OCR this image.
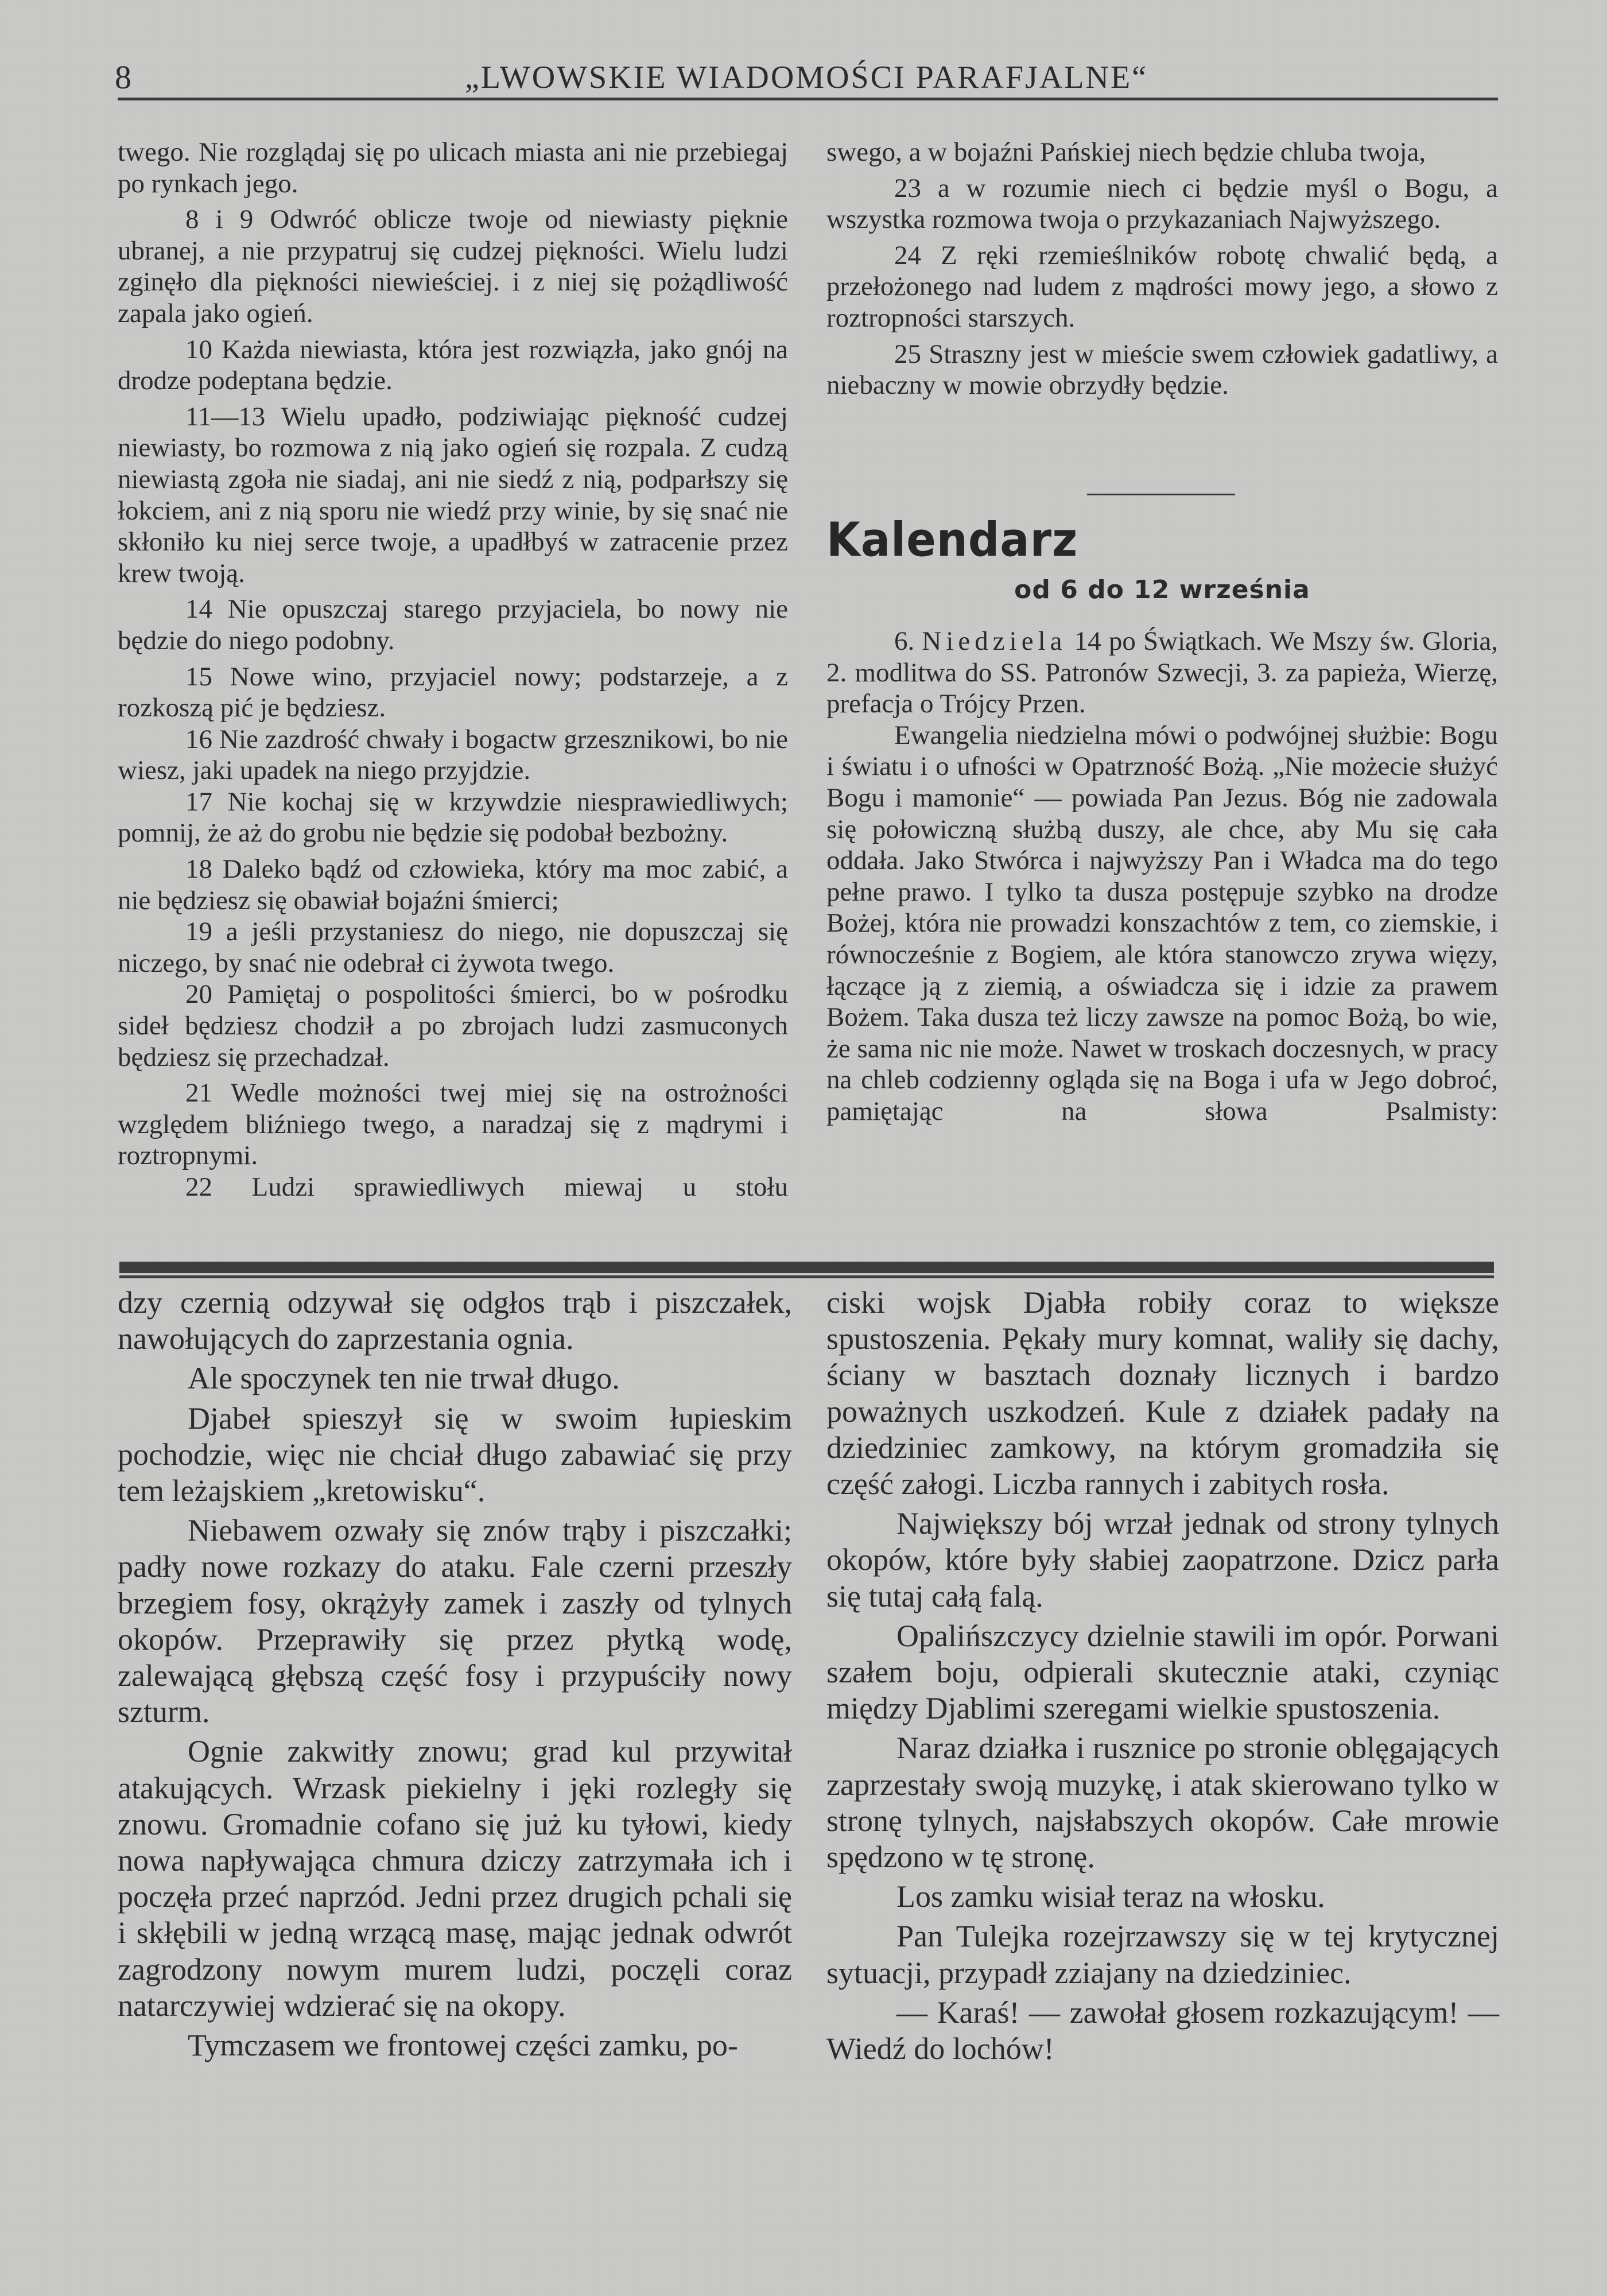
8	„LWOWSKIE WIADOMOŚCI PARAFJALNE“

twego. Nie rozglądaj się po ulicach miasta ani nie przebiegaj po rynkach jego.

8 i 9 Odwróć oblicze twoje od niewiasty pięknie ubranej, a nie przypatruj się cudzej piękności. Wielu ludzi zginęło dla piękności niewieściej. i z niej się pożądliwość zapala jako ogień.

10 Każda niewiasta, która jest rozwiązła, jako gnój na drodze podeptana będzie.

11—13 Wielu upadło, podziwiając piękność cudzej niewiasty, bo rozmowa z nią jako ogień się rozpala. Z cudzą niewiastą zgoła nie siadaj, ani nie siedź z nią, podparłszy się łokciem, ani z nią sporu nie wiedź przy winie, by się snać nie skłoniło ku niej serce twoje, a upadłbyś w zatracenie przez krew twoją.

14 Nie opuszczaj starego przyjaciela, bo nowy nie będzie do niego podobny.

15 Nowe wino, przyjaciel nowy; podstarzeje, a z rozkoszą pić je będziesz.

16 Nie zazdrość chwały i bogactw grzesznikowi, bo nie wiesz, jaki upadek na niego przyjdzie.

17 Nie kochaj się w krzywdzie niesprawiedliwych; pomnij, że aż do grobu nie będzie się podobał bezbożny.

18 Daleko bądź od człowieka, który ma moc zabić, a nie będziesz się obawiał bojaźni śmierci;

19 a jeśli przystaniesz do niego, nie dopuszczaj się niczego, by snać nie odebrał ci żywota twego.

20 Pamiętaj o pospolitości śmierci, bo w pośrodku sideł będziesz chodził a po zbrojach ludzi zasmuconych będziesz się przechadzał.

21 Wedle możności twej miej się na ostrożności względem bliźniego twego, a naradzaj się z mądrymi i roztropnymi.

22 Ludzi sprawiedliwych miewaj u stołu

swego, a w bojaźni Pańskiej niech będzie chluba twoja,

23 a w rozumie niech ci będzie myśl o Bogu, a wszystka rozmowa twoja o przykazaniach Najwyższego.

24 Z ręki rzemieślników robotę chwalić będą, a przełożonego nad ludem z mądrości mowy jego, a słowo z roztropności starszych.

25 Straszny jest w mieście swem człowiek gadatliwy, a niebaczny w mowie obrzydły będzie.

Kalendarz
od 6 do 12 września

6. Niedziela 14 po Świątkach. We Mszy św. Gloria, 2. modlitwa do SS. Patronów Szwecji, 3. za papieża, Wierzę, prefacja o Trójcy Przen.

Ewangelia niedzielna mówi o podwójnej służbie: Bogu i światu i o ufności w Opatrzność Bożą. „Nie możecie służyć Bogu i mamonie“ — powiada Pan Jezus. Bóg nie zadowala się połowiczną służbą duszy, ale chce, aby Mu się cała oddała. Jako Stwórca i najwyższy Pan i Władca ma do tego pełne prawo. I tylko ta dusza postępuje szybko na drodze Bożej, która nie prowadzi konszachtów z tem, co ziemskie, i równocześnie z Bogiem, ale która stanowczo zrywa więzy, łączące ją z ziemią, a oświadcza się i idzie za prawem Bożem. Taka dusza też liczy zawsze na pomoc Bożą, bo wie, że sama nic nie może. Nawet w troskach doczesnych, w pracy na chleb codzienny ogląda się na Boga i ufa w Jego dobroć, pamiętając na słowa Psalmisty:

dzy czernią odzywał się odgłos trąb i piszczałek, nawołujących do zaprzestania ognia.

Ale spoczynek ten nie trwał długo.

Djabeł spieszył się w swoim łupieskim pochodzie, więc nie chciał długo zabawiać się przy tem leżajskiem „kretowisku“.

Niebawem ozwały się znów trąby i piszczałki; padły nowe rozkazy do ataku. Fale czerni przeszły brzegiem fosy, okrążyły zamek i zaszły od tylnych okopów. Przeprawiły się przez płytką wodę, zalewającą głębszą część fosy i przypuściły nowy szturm.

Ognie zakwitły znowu; grad kul przywitał atakujących. Wrzask piekielny i jęki rozległy się znowu. Gromadnie cofano się już ku tyłowi, kiedy nowa napływająca chmura dziczy zatrzymała ich i poczęła przeć naprzód. Jedni przez drugich pchali się i skłębili w jedną wrzącą masę, mając jednak odwrót zagrodzony nowym murem ludzi, poczęli coraz natarczywiej wdzierać się na okopy.

Tymczasem we frontowej części zamku, po-

ciski wojsk Djabła robiły coraz to większe spustoszenia. Pękały mury komnat, waliły się dachy, ściany w basztach doznały licznych i bardzo poważnych uszkodzeń. Kule z działek padały na dziedziniec zamkowy, na którym gromadziła się część załogi. Liczba rannych i zabitych rosła.

Największy bój wrzał jednak od strony tylnych okopów, które były słabiej zaopatrzone. Dzicz parła się tutaj całą falą.

Opalińszczycy dzielnie stawili im opór. Porwani szałem boju, odpierali skutecznie ataki, czyniąc między Djablimi szeregami wielkie spustoszenia.

Naraz działka i rusznice po stronie oblęgających zaprzestały swoją muzykę, i atak skierowano tylko w stronę tylnych, najsłabszych okopów. Całe mrowie spędzono w tę stronę.

Los zamku wisiał teraz na włosku.

Pan Tulejka rozejrzawszy się w tej krytycznej sytuacji, przypadł zziajany na dziedziniec.

— Karaś! — zawołał głosem rozkazującym! — Wiedź do lochów!
